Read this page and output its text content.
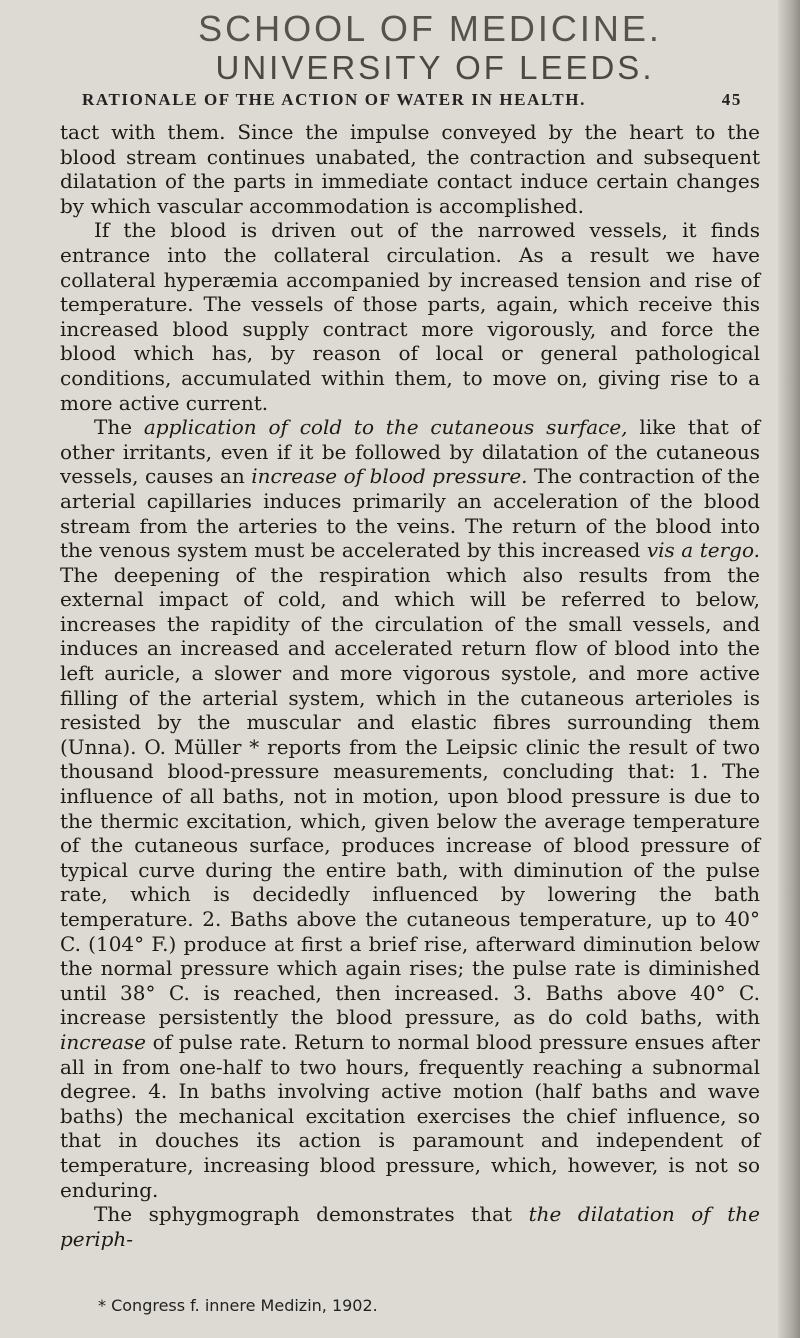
SCHOOL OF MEDICINE.
UNIVERSITY OF LEEDS.
RATIONALE OF THE ACTION OF WATER IN HEALTH.	45

tact with them. Since the impulse conveyed by the heart to the blood stream continues unabated, the contraction and subsequent dilatation of the parts in immediate contact induce certain changes by which vascular accommodation is accomplished.

If the blood is driven out of the narrowed vessels, it finds entrance into the collateral circulation. As a result we have collateral hyperæmia accompanied by increased tension and rise of temperature. The vessels of those parts, again, which receive this increased blood supply contract more vigorously, and force the blood which has, by reason of local or general pathological conditions, accumulated within them, to move on, giving rise to a more active current.

The application of cold to the cutaneous surface, like that of other irritants, even if it be followed by dilatation of the cutaneous vessels, causes an increase of blood pressure. The contraction of the arterial capillaries induces primarily an acceleration of the blood stream from the arteries to the veins. The return of the blood into the venous system must be accelerated by this increased vis a tergo. The deepening of the respiration which also results from the external impact of cold, and which will be referred to below, increases the rapidity of the circulation of the small vessels, and induces an increased and accelerated return flow of blood into the left auricle, a slower and more vigorous systole, and more active filling of the arterial system, which in the cutaneous arterioles is resisted by the muscular and elastic fibres surrounding them (Unna). O. Müller * reports from the Leipsic clinic the result of two thousand blood-pressure measurements, concluding that: 1. The influence of all baths, not in motion, upon blood pressure is due to the thermic excitation, which, given below the average temperature of the cutaneous surface, produces increase of blood pressure of typical curve during the entire bath, with diminution of the pulse rate, which is decidedly influenced by lowering the bath temperature. 2. Baths above the cutaneous temperature, up to 40° C. (104° F.) produce at first a brief rise, afterward diminution below the normal pressure which again rises; the pulse rate is diminished until 38° C. is reached, then increased. 3. Baths above 40° C. increase persistently the blood pressure, as do cold baths, with increase of pulse rate. Return to normal blood pressure ensues after all in from one-half to two hours, frequently reaching a subnormal degree. 4. In baths involving active motion (half baths and wave baths) the mechanical excitation exercises the chief influence, so that in douches its action is paramount and independent of temperature, increasing blood pressure, which, however, is not so enduring.

The sphygmograph demonstrates that the dilatation of the periph-

* Congress f. innere Medizin, 1902.
